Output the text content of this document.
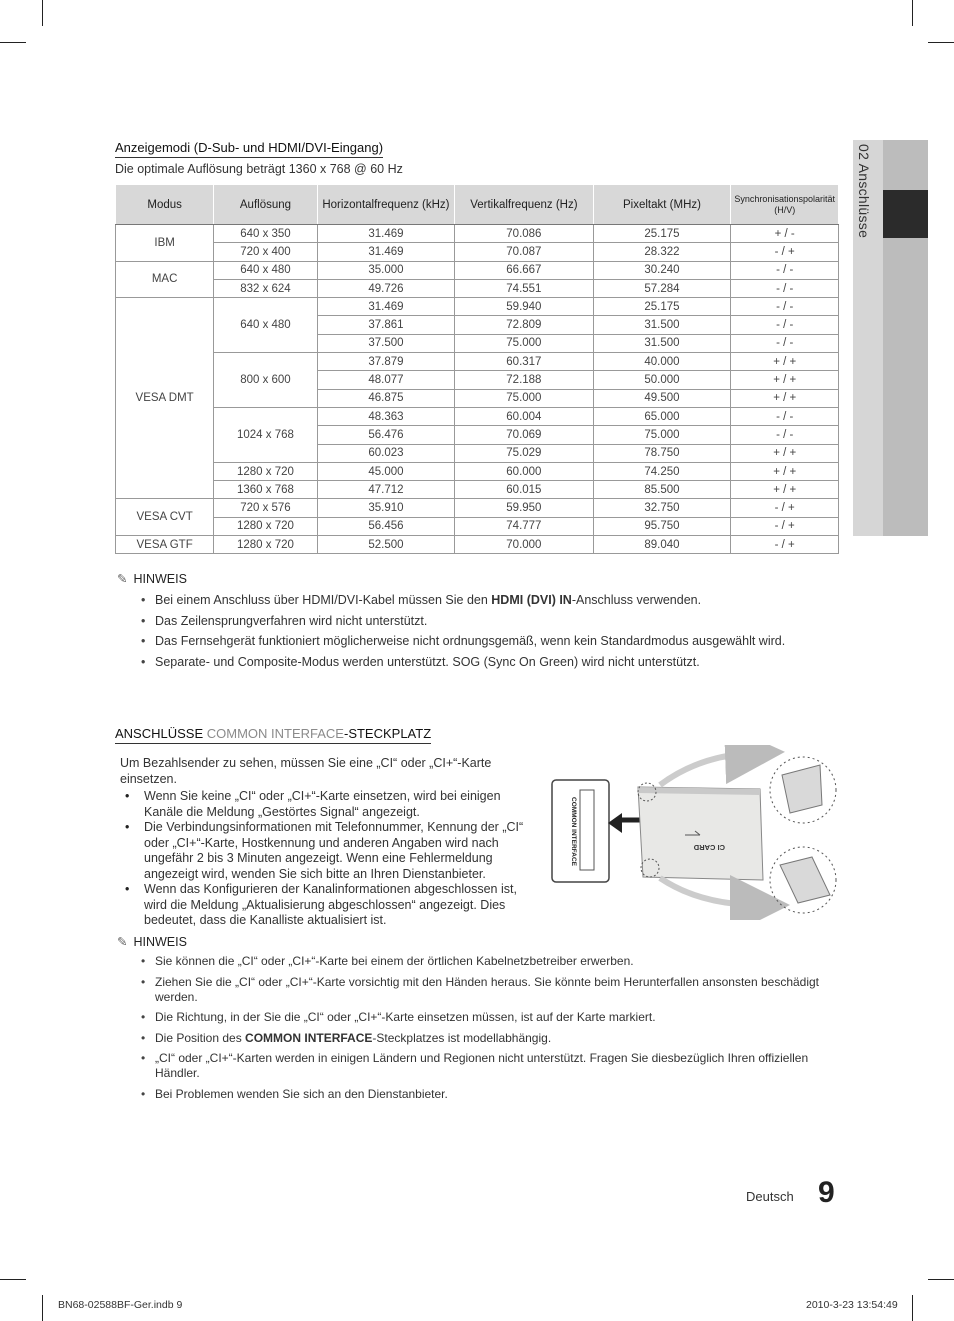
02 Anschlüsse
Anzeigemodi (D-Sub- und HDMI/DVI-Eingang)
Die optimale Auflösung beträgt 1360 x 768 @ 60 Hz
Modus	Auflösung	Horizontalfrequenz (kHz)	Vertikalfrequenz (Hz)	Pixeltakt (MHz)	Synchronisationspolarität (H/V)
IBM	640 x 350	31.469	70.086	25.175	+ / -
	720 x 400	31.469	70.087	28.322	- / +
MAC	640 x 480	35.000	66.667	30.240	- / -
	832 x 624	49.726	74.551	57.284	- / -
VESA DMT	640 x 480	31.469	59.940	25.175	- / -
		37.861	72.809	31.500	- / -
		37.500	75.000	31.500	- / -
	800 x 600	37.879	60.317	40.000	+ / +
		48.077	72.188	50.000	+ / +
		46.875	75.000	49.500	+ / +
	1024 x 768	48.363	60.004	65.000	- / -
		56.476	70.069	75.000	- / -
		60.023	75.029	78.750	+ / +
	1280 x 720	45.000	60.000	74.250	+ / +
	1360 x 768	47.712	60.015	85.500	+ / +
VESA CVT	720 x 576	35.910	59.950	32.750	- / +
	1280 x 720	56.456	74.777	95.750	- / +
VESA GTF	1280 x 720	52.500	70.000	89.040	- / +
✎ HINWEIS
• Bei einem Anschluss über HDMI/DVI-Kabel müssen Sie den HDMI (DVI) IN-Anschluss verwenden.
• Das Zeilensprungverfahren wird nicht unterstützt.
• Das Fernsehgerät funktioniert möglicherweise nicht ordnungsgemäß, wenn kein Standardmodus ausgewählt wird.
• Separate- und Composite-Modus werden unterstützt. SOG (Sync On Green) wird nicht unterstützt.
ANSCHLÜSSE COMMON INTERFACE-STECKPLATZ
Um Bezahlsender zu sehen, müssen Sie eine „CI“ oder „CI+“-Karte einsetzen.
• Wenn Sie keine „CI“ oder „CI+“-Karte einsetzen, wird bei einigen Kanäle die Meldung „Gestörtes Signal“ angezeigt.
• Die Verbindungsinformationen mit Telefonnummer, Kennung der „CI“ oder „CI+“-Karte, Hostkennung und anderen Angaben wird nach ungefähr 2 bis 3 Minuten angezeigt. Wenn eine Fehlermeldung angezeigt wird, wenden Sie sich bitte an Ihren Dienstanbieter.
• Wenn das Konfigurieren der Kanalinformationen abgeschlossen ist, wird die Meldung „Aktualisierung abgeschlossen“ angezeigt. Dies bedeutet, dass die Kanalliste aktualisiert ist.
COMMON INTERFACE	CI CARD
✎ HINWEIS
• Sie können die „CI“ oder „CI+“-Karte bei einem der örtlichen Kabelnetzbetreiber erwerben.
• Ziehen Sie die „CI“ oder „CI+“-Karte vorsichtig mit den Händen heraus. Sie könnte beim Herunterfallen ansonsten beschädigt werden.
• Die Richtung, in der Sie die „CI“ oder „CI+“-Karte einsetzen müssen, ist auf der Karte markiert.
• Die Position des COMMON INTERFACE-Steckplatzes ist modellabhängig.
• „CI“ oder „CI+“-Karten werden in einigen Ländern und Regionen nicht unterstützt. Fragen Sie diesbezüglich Ihren offiziellen Händler.
• Bei Problemen wenden Sie sich an den Dienstanbieter.
Deutsch 9
BN68-02588BF-Ger.indb 9	2010-3-23 13:54:49
